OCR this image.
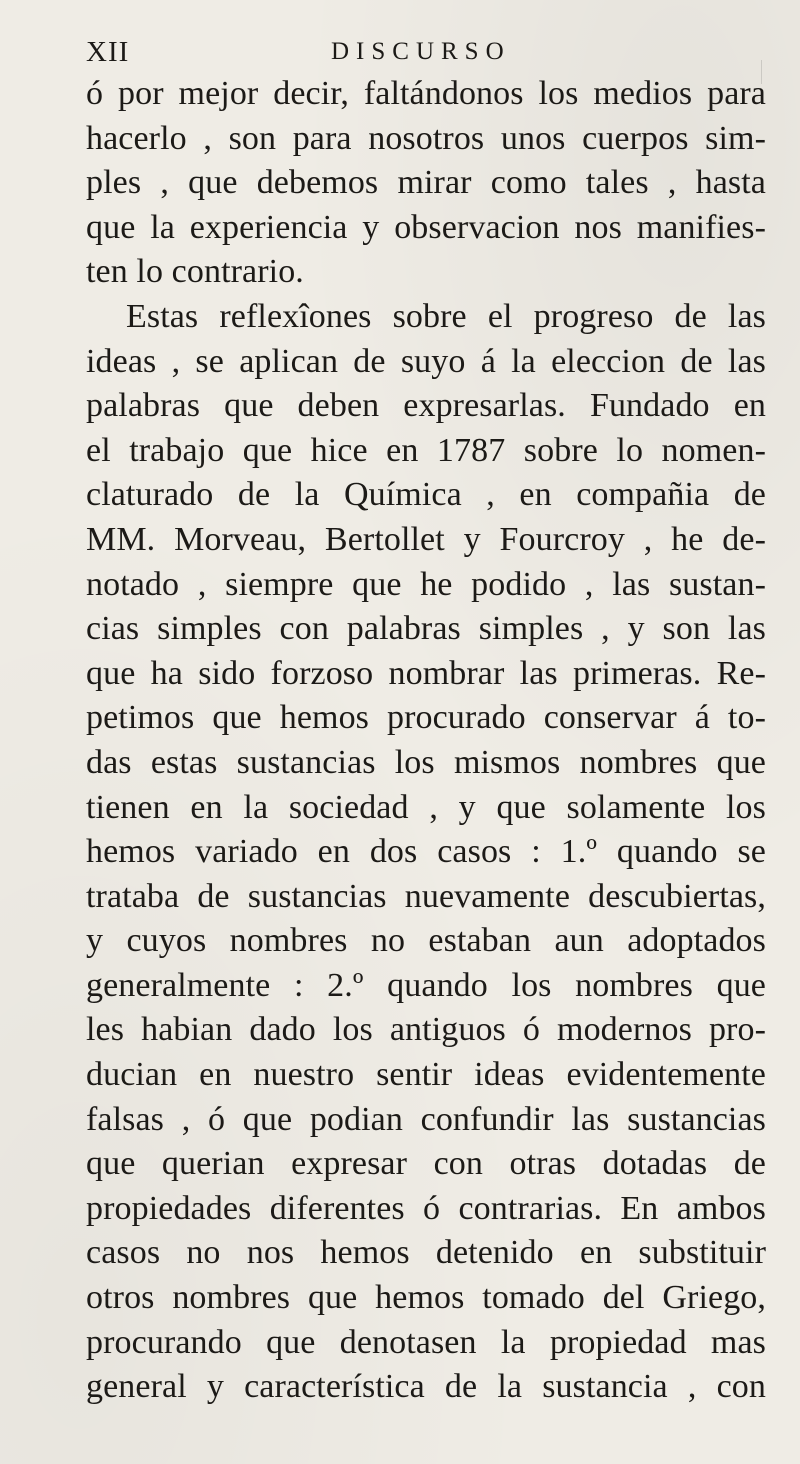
XII	DISCURSO
ó por mejor decir, faltándonos los medios para
hacerlo , son para nosotros unos cuerpos sim-
ples , que debemos mirar como tales , hasta
que la experiencia y observacion nos manifies-
ten lo contrario.
Estas reflexîones sobre el progreso de las
ideas , se aplican de suyo á la eleccion de las
palabras que deben expresarlas. Fundado en
el trabajo que hice en 1787 sobre lo nomen-
claturado de la Química , en compañia de
MM. Morveau, Bertollet y Fourcroy , he de-
notado , siempre que he podido , las sustan-
cias simples con palabras simples , y son las
que ha sido forzoso nombrar las primeras. Re-
petimos que hemos procurado conservar á to-
das estas sustancias los mismos nombres que
tienen en la sociedad , y que solamente los
hemos variado en dos casos : 1.º quando se
trataba de sustancias nuevamente descubiertas,
y cuyos nombres no estaban aun adoptados
generalmente : 2.º quando los nombres que
les habian dado los antiguos ó modernos pro-
ducian en nuestro sentir ideas evidentemente
falsas , ó que podian confundir las sustancias
que querian expresar con otras dotadas de
propiedades diferentes ó contrarias. En ambos
casos no nos hemos detenido en substituir
otros nombres que hemos tomado del Griego,
procurando que denotasen la propiedad mas
general y característica de la sustancia , con
